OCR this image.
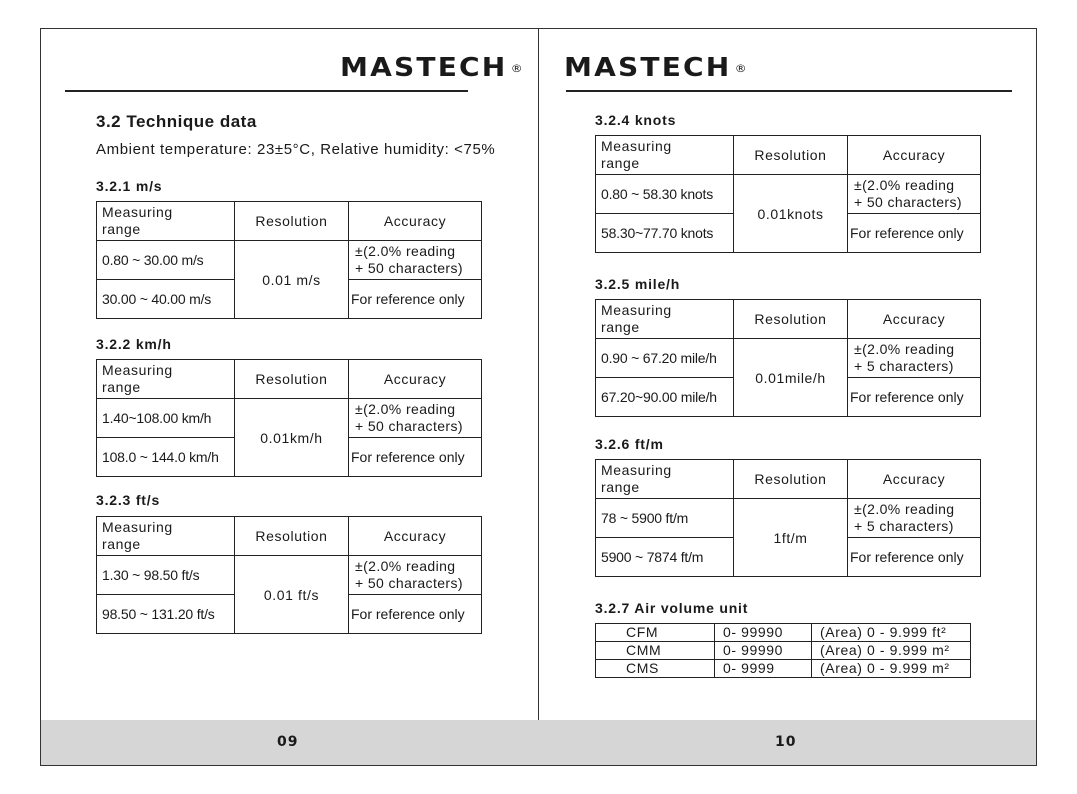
MASTECH ®
3.2 Technique data
Ambient temperature: 23±5°C, Relative humidity: <75%
3.2.1 m/s
Measuring
range	Resolution	Accuracy
0.80 ~ 30.00 m/s	0.01 m/s	±(2.0% reading
+ 50 characters)

30.00 ~ 40.00 m/s		For reference only
3.2.2 km/h
Measuring
range	Resolution	Accuracy
1.40~108.00 km/h	0.01km/h	±(2.0% reading
+ 50 characters)

108.0 ~ 144.0 km/h		For reference only
3.2.3 ft/s
Measuring
range	Resolution	Accuracy
1.30 ~ 98.50 ft/s	0.01 ft/s	±(2.0% reading
+ 50 characters)

98.50 ~ 131.20 ft/s		For reference only
09
MASTECH ®
3.2.4 knots
Measuring
range	Resolution	Accuracy
0.80 ~ 58.30 knots	0.01knots	±(2.0% reading
+ 50 characters)

58.30~77.70 knots		For reference only
3.2.5 mile/h
Measuring
range	Resolution	Accuracy
0.90 ~ 67.20 mile/h	0.01mile/h	±(2.0% reading
+ 5 characters)

67.20~90.00 mile/h		For reference only
3.2.6 ft/m
Measuring
range	Resolution	Accuracy
78 ~ 5900 ft/m	1ft/m	±(2.0% reading
+ 5 characters)

5900 ~ 7874 ft/m		For reference only
3.2.7 Air volume unit
CFM	0- 99990	(Area) 0 - 9.999 ft²
CMM	0- 99990	(Area) 0 - 9.999 m²
CMS	0- 9999	(Area) 0 - 9.999 m²
10
